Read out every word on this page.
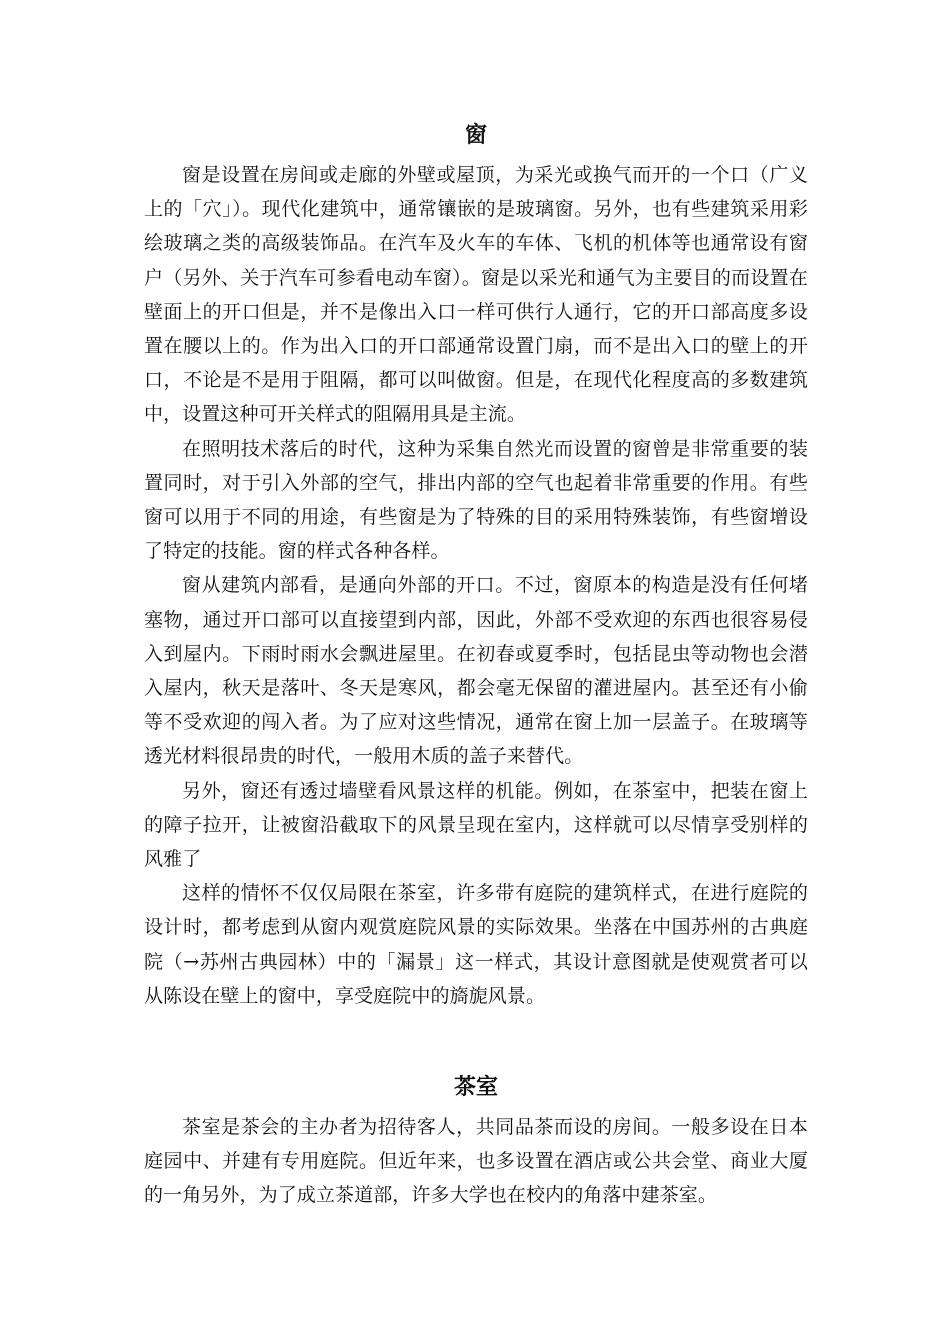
窗

窗是设置在房间或走廊的外壁或屋顶，为采光或换气而开的一个口（广义上的「穴」）。现代化建筑中，通常镶嵌的是玻璃窗。另外，也有些建筑采用彩绘玻璃之类的高级装饰品。在汽车及火车的车体、飞机的机体等也通常设有窗户（另外、关于汽车可参看电动车窗）。窗是以采光和通气为主要目的而设置在壁面上的开口但是，并不是像出入口一样可供行人通行，它的开口部高度多设置在腰以上的。作为出入口的开口部通常设置门扇，而不是出入口的壁上的开口，不论是不是用于阻隔，都可以叫做窗。但是，在现代化程度高的多数建筑中，设置这种可开关样式的阻隔用具是主流。

在照明技术落后的时代，这种为采集自然光而设置的窗曾是非常重要的装置同时，对于引入外部的空气，排出内部的空气也起着非常重要的作用。有些窗可以用于不同的用途，有些窗是为了特殊的目的采用特殊装饰，有些窗增设了特定的技能。窗的样式各种各样。

窗从建筑内部看，是通向外部的开口。不过，窗原本的构造是没有任何堵塞物，通过开口部可以直接望到内部，因此，外部不受欢迎的东西也很容易侵入到屋内。下雨时雨水会飘进屋里。在初春或夏季时，包括昆虫等动物也会潜入屋内，秋天是落叶、冬天是寒风，都会毫无保留的灌进屋内。甚至还有小偷等不受欢迎的闯入者。为了应对这些情况，通常在窗上加一层盖子。在玻璃等透光材料很昂贵的时代，一般用木质的盖子来替代。

另外，窗还有透过墙壁看风景这样的机能。例如，在茶室中，把装在窗上的障子拉开，让被窗沿截取下的风景呈现在室内，这样就可以尽情享受别样的风雅了

这样的情怀不仅仅局限在茶室，许多带有庭院的建筑样式，在进行庭院的设计时，都考虑到从窗内观赏庭院风景的实际效果。坐落在中国苏州的古典庭院（→苏州古典园林）中的「漏景」这一样式，其设计意图就是使观赏者可以从陈设在壁上的窗中，享受庭院中的旖旎风景。

茶室

茶室是茶会的主办者为招待客人，共同品茶而设的房间。一般多设在日本庭园中、并建有专用庭院。但近年来，也多设置在酒店或公共会堂、商业大厦的一角另外，为了成立茶道部，许多大学也在校内的角落中建茶室。
